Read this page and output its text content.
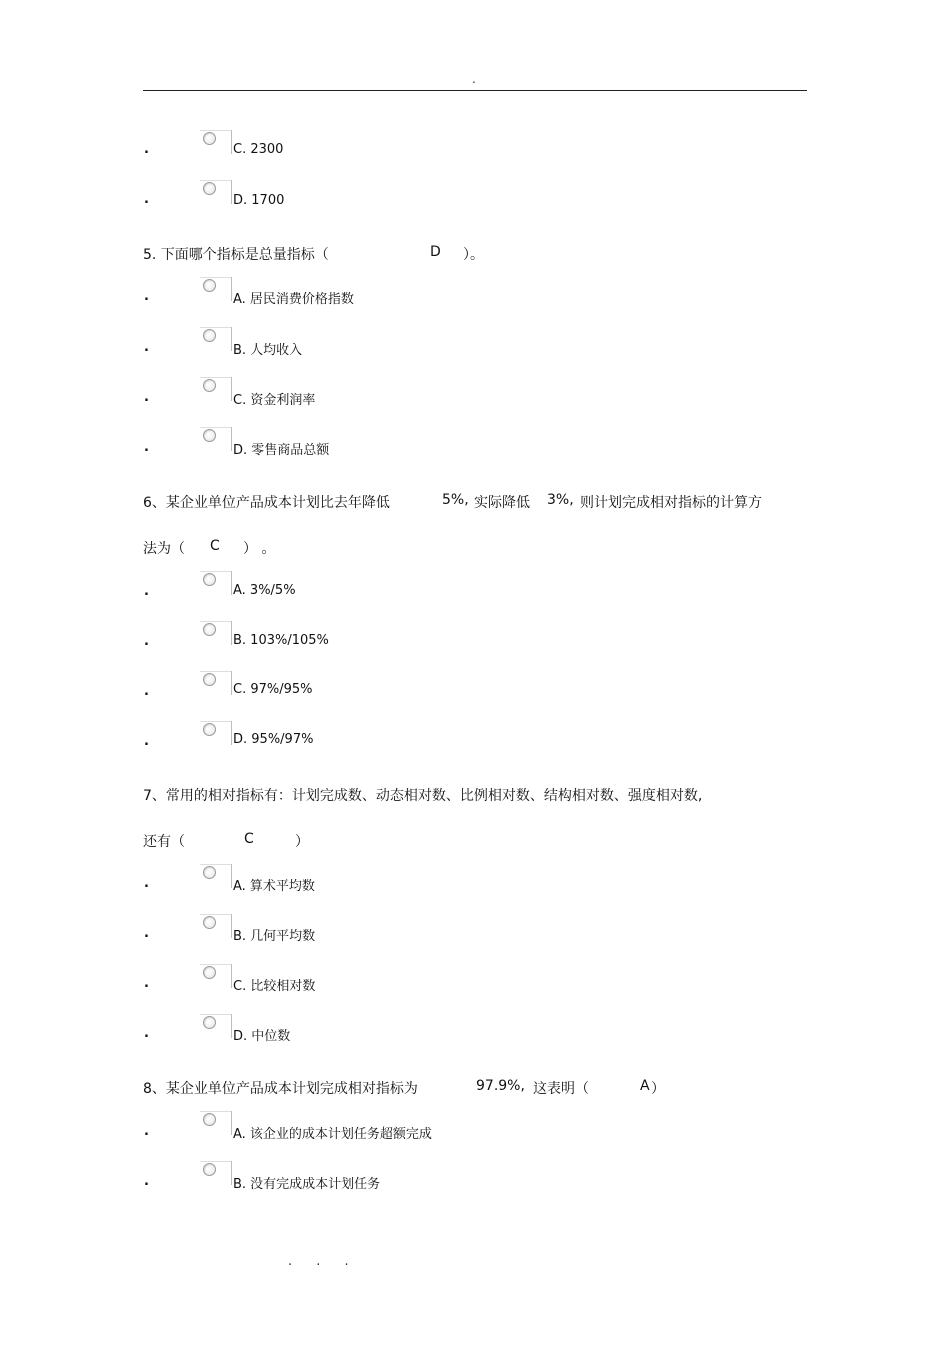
.
.	C. 2300
.	D. 1700
5. 下面哪个指标是总量指标（	D ）。
.	A. 居民消费价格指数
.	B. 人均收入
.	C. 资金利润率
.	D. 零售商品总额
6、某企业单位产品成本计划比去年降低	5%, 实际降低 3%, 则计划完成相对指标的计算方
法为（ C ） 。
.	A. 3%/5%
.	B. 103%/105%
.	C. 97%/95%
.	D. 95%/97%
7、常用的相对指标有：计划完成数、动态相对数、比例相对数、结构相对数、强度相对数,
还有（	C	）
.	A. 算术平均数
.	B. 几何平均数
.	C. 比较相对数
.	D. 中位数
8、某企业单位产品成本计划完成相对指标为	97.9%, 这表明（	A ）
.	A. 该企业的成本计划任务超额完成
.	B. 没有完成成本计划任务
. . .
